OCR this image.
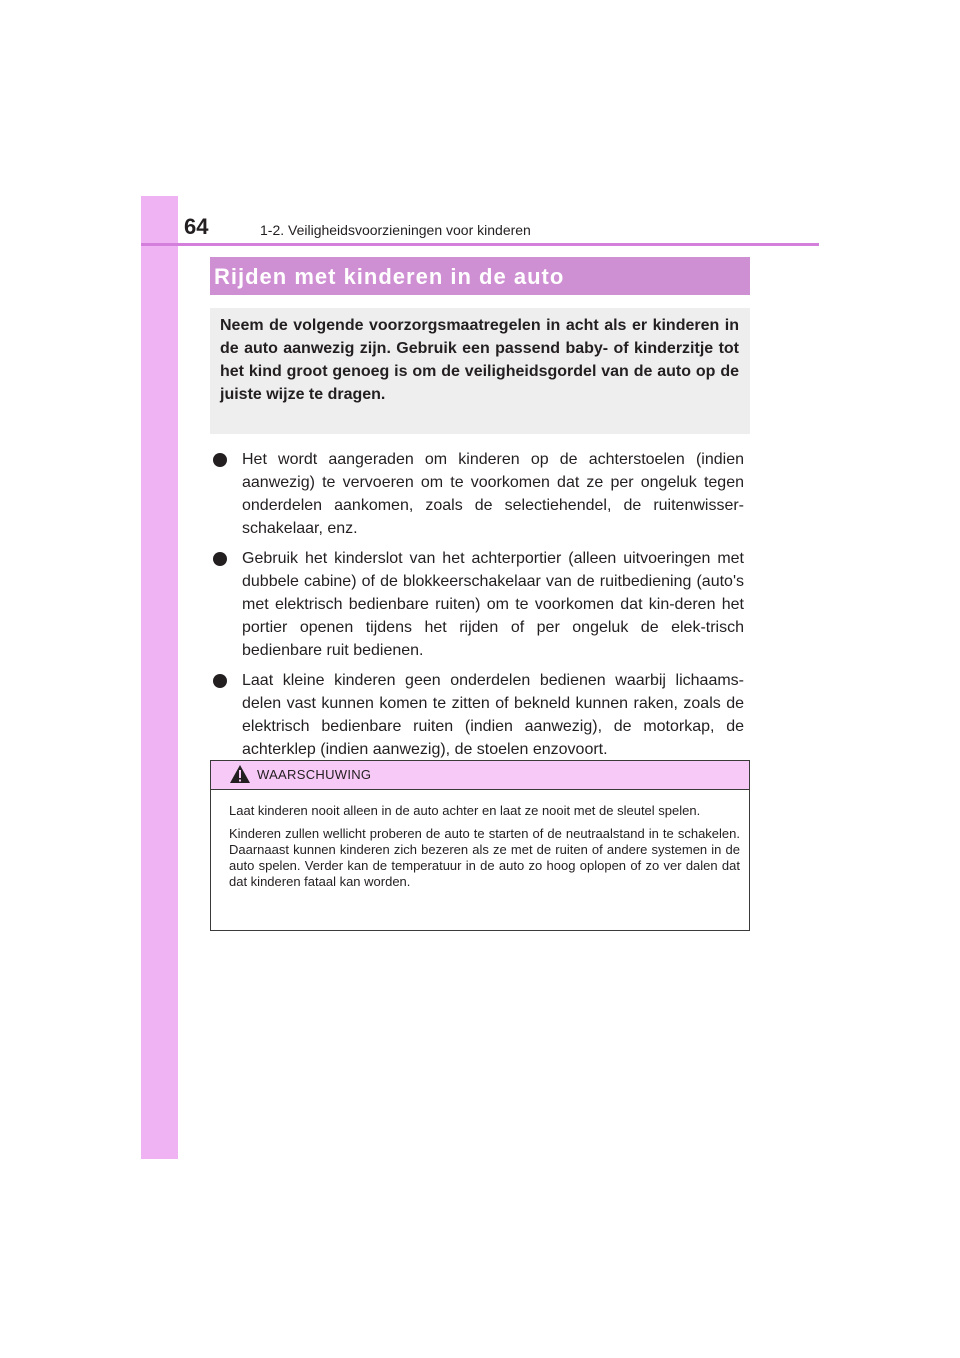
64	1-2. Veiligheidsvoorzieningen voor kinderen
Rijden met kinderen in de auto
Neem de volgende voorzorgsmaatregelen in acht als er kinderen in de auto aanwezig zijn. Gebruik een passend baby- of kinderzitje tot het kind groot genoeg is om de veiligheidsgordel van de auto op de juiste wijze te dragen.
Het wordt aangeraden om kinderen op de achterstoelen (indien aanwezig) te vervoeren om te voorkomen dat ze per ongeluk tegen onderdelen aankomen, zoals de selectiehendel, de ruitenwisser-schakelaar, enz.
Gebruik het kinderslot van het achterportier (alleen uitvoeringen met dubbele cabine) of de blokkeerschakelaar van de ruitbediening (auto's met elektrisch bedienbare ruiten) om te voorkomen dat kin-deren het portier openen tijdens het rijden of per ongeluk de elek-trisch bedienbare ruit bedienen.
Laat kleine kinderen geen onderdelen bedienen waarbij lichaams-delen vast kunnen komen te zitten of bekneld kunnen raken, zoals de elektrisch bedienbare ruiten (indien aanwezig), de motorkap, de achterklep (indien aanwezig), de stoelen enzovoort.
WAARSCHUWING

Laat kinderen nooit alleen in de auto achter en laat ze nooit met de sleutel spelen.

Kinderen zullen wellicht proberen de auto te starten of de neutraalstand in te schakelen. Daarnaast kunnen kinderen zich bezeren als ze met de ruiten of andere systemen in de auto spelen. Verder kan de temperatuur in de auto zo hoog oplopen of zo ver dalen dat dat kinderen fataal kan worden.
